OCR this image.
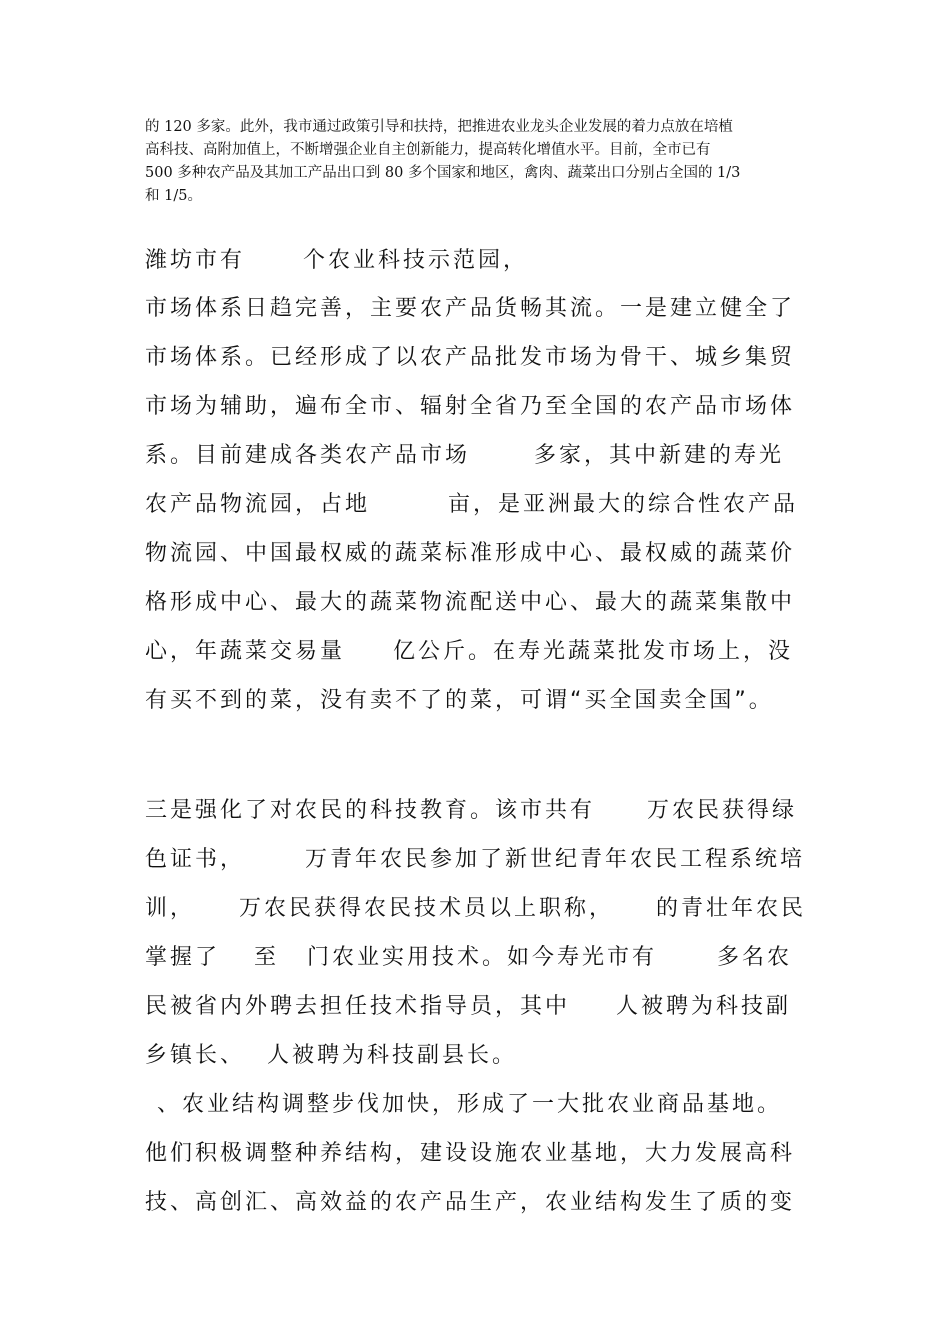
的 120 多家。此外，我市通过政策引导和扶持，把推进农业龙头企业发展的着力点放在培植
高科技、高附加值上，不断增强企业自主创新能力，提高转化增值水平。目前，全市已有
500 多种农产品及其加工产品出口到 80 多个国家和地区，禽肉、蔬菜出口分别占全国的 1/3
和 1/5。
潍坊市有	个农业科技示范园，
市场体系日趋完善，主要农产品货畅其流。一是建立健全了
市场体系。已经形成了以农产品批发市场为骨干、城乡集贸
市场为辅助，遍布全市、辐射全省乃至全国的农产品市场体
系。目前建成各类农产品市场	多家，其中新建的寿光
农产品物流园，占地	亩，是亚洲最大的综合性农产品
物流园、中国最权威的蔬菜标准形成中心、最权威的蔬菜价
格形成中心、最大的蔬菜物流配送中心、最大的蔬菜集散中
心，年蔬菜交易量 亿公斤。在寿光蔬菜批发市场上，没
有买不到的菜，没有卖不了的菜，可谓“买全国卖全国”。
三是强化了对农民的科技教育。该市共有 万农民获得绿
色证书，	万青年农民参加了新世纪青年农民工程系统培
训， 万农民获得农民技术员以上职称， 的青壮年农民
掌握了 至 门农业实用技术。如今寿光市有	多名农
民被省内外聘去担任技术指导员，其中 人被聘为科技副
乡镇长、 人被聘为科技副县长。
、农业结构调整步伐加快，形成了一大批农业商品基地。
他们积极调整种养结构，建设设施农业基地，大力发展高科
技、高创汇、高效益的农产品生产，农业结构发生了质的变
